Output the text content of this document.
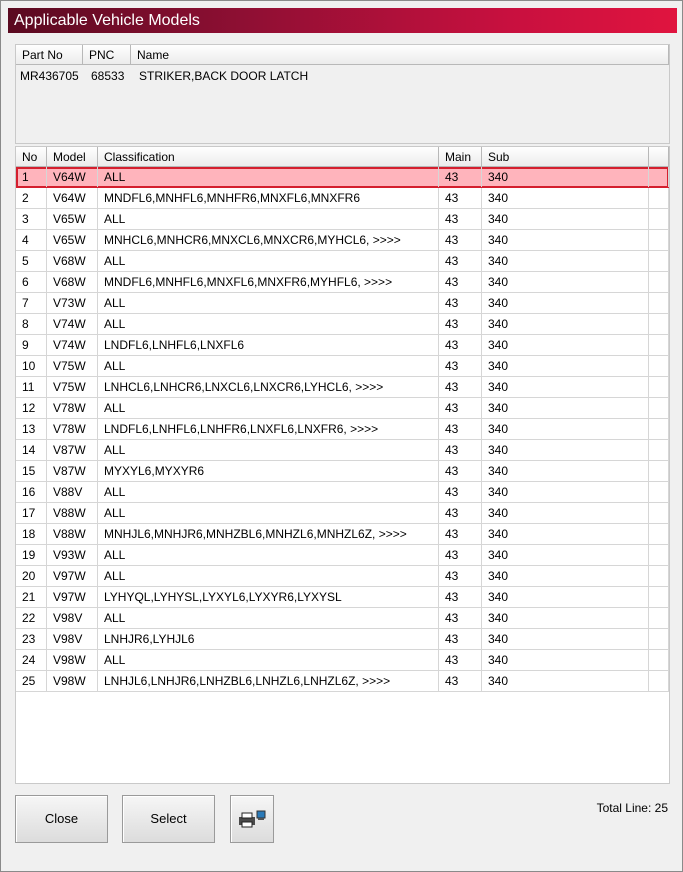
Applicable Vehicle Models
Part No	PNC	Name
MR436705 68533 STRIKER,BACK DOOR LATCH
No	Model	Classification	Main	Sub
1	V64W	ALL	43	340
2	V64W	MNDFL6,MNHFL6,MNHFR6,MNXFL6,MNXFR6	43	340
3	V65W	ALL	43	340
4	V65W	MNHCL6,MNHCR6,MNXCL6,MNXCR6,MYHCL6, >>>>	43	340
5	V68W	ALL	43	340
6	V68W	MNDFL6,MNHFL6,MNXFL6,MNXFR6,MYHFL6, >>>>	43	340
7	V73W	ALL	43	340
8	V74W	ALL	43	340
9	V74W	LNDFL6,LNHFL6,LNXFL6	43	340
10	V75W	ALL	43	340
11	V75W	LNHCL6,LNHCR6,LNXCL6,LNXCR6,LYHCL6, >>>>	43	340
12	V78W	ALL	43	340
13	V78W	LNDFL6,LNHFL6,LNHFR6,LNXFL6,LNXFR6, >>>>	43	340
14	V87W	ALL	43	340
15	V87W	MYXYL6,MYXYR6	43	340
16	V88V	ALL	43	340
17	V88W	ALL	43	340
18	V88W	MNHJL6,MNHJR6,MNHZBL6,MNHZL6,MNHZL6Z, >>>>	43	340
19	V93W	ALL	43	340
20	V97W	ALL	43	340
21	V97W	LYHYQL,LYHYSL,LYXYL6,LYXYR6,LYXYSL	43	340
22	V98V	ALL	43	340
23	V98V	LNHJR6,LYHJL6	43	340
24	V98W	ALL	43	340
25	V98W	LNHJL6,LNHJR6,LNHZBL6,LNHZL6,LNHZL6Z, >>>>	43	340
Close	Select
Total Line: 25
